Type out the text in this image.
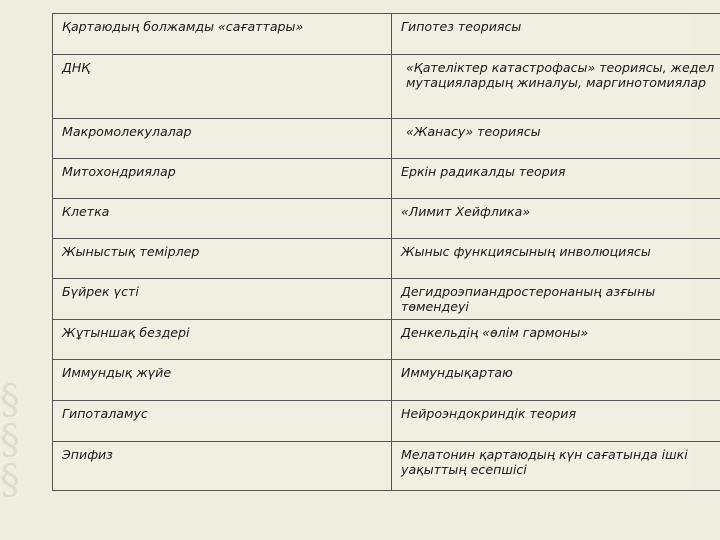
§
§
§
Қартаюдың болжамды «сағаттары»	Гипотез теориясы
ДНҚ	«Қателіктер катастрофасы» теориясы, жедел мутациялардың жиналуы, маргинотомиялар
Макромолекулалар	«Жанасу» теориясы
Митохондриялар	Еркін радикалды теория
Клетка	«Лимит Хейфлика»
Жыныстық темірлер	Жыныс функциясының инволюциясы
Бүйрек үсті	Дегидроэпиандростеронаның азғыны төмендеуі
Жұтыншақ бездері	Денкельдің «өлім гармоны»
Иммундық жүйе	Иммундықартаю
Гипоталамус	Нейроэндокриндік теория
Эпифиз	Мелатонин қартаюдың күн сағатында ішкі уақыттың есепшісі
